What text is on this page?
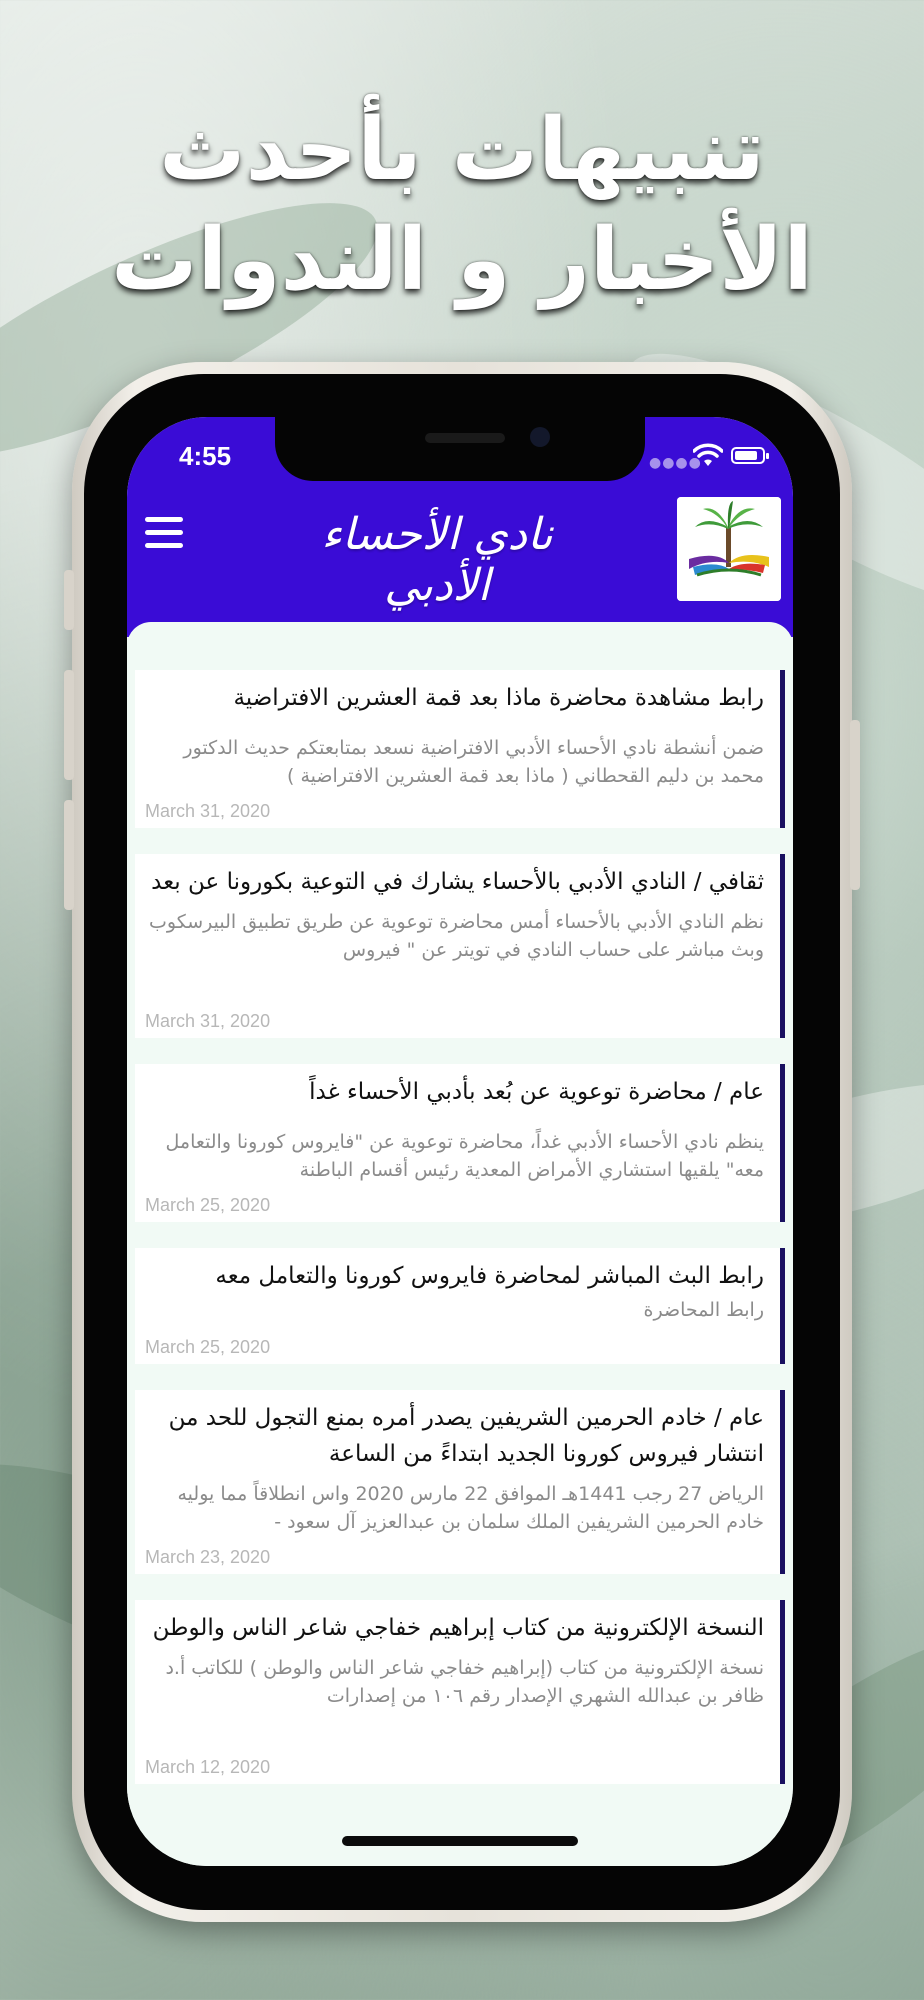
تنبيهات بأحدث
الأخبار و الندوات
4:55	●●●●
نادي الأحساء الأدبي
رابط مشاهدة محاضرة ماذا بعد قمة العشرين الافتراضية
ضمن أنشطة نادي الأحساء الأدبي الافتراضية نسعد بمتابعتكم حديث الدكتور محمد بن دليم القحطاني ( ماذا بعد قمة العشرين الافتراضية )
March 31, 2020
ثقافي / النادي الأدبي بالأحساء يشارك في التوعية بكورونا عن بعد
نظم النادي الأدبي بالأحساء أمس محاضرة توعوية عن طريق تطبيق البيرسكوب وبث مباشر على حساب النادي في تويتر عن " فيروس
March 31, 2020
عام / محاضرة توعوية عن بُعد بأدبي الأحساء غداً
ينظم نادي الأحساء الأدبي غداً، محاضرة توعوية عن "فايروس كورونا والتعامل معه" يلقيها استشاري الأمراض المعدية رئيس أقسام الباطنة
March 25, 2020
رابط البث المباشر لمحاضرة فايروس كورونا والتعامل معه
رابط المحاضرة
March 25, 2020
عام / خادم الحرمين الشريفين يصدر أمره بمنع التجول للحد من انتشار فيروس كورونا الجديد ابتداءً من الساعة
الرياض 27 رجب 1441هـ الموافق 22 مارس 2020 واس انطلاقاً مما يوليه خادم الحرمين الشريفين الملك سلمان بن عبدالعزيز آل سعود -
March 23, 2020
النسخة الإلكترونية من كتاب إبراهيم خفاجي شاعر الناس والوطن
نسخة الإلكترونية من كتاب (إبراهيم خفاجي شاعر الناس والوطن ) للكاتب أ.د ظافر بن عبدالله الشهري الإصدار رقم ١٠٦ من إصدارات
March 12, 2020
